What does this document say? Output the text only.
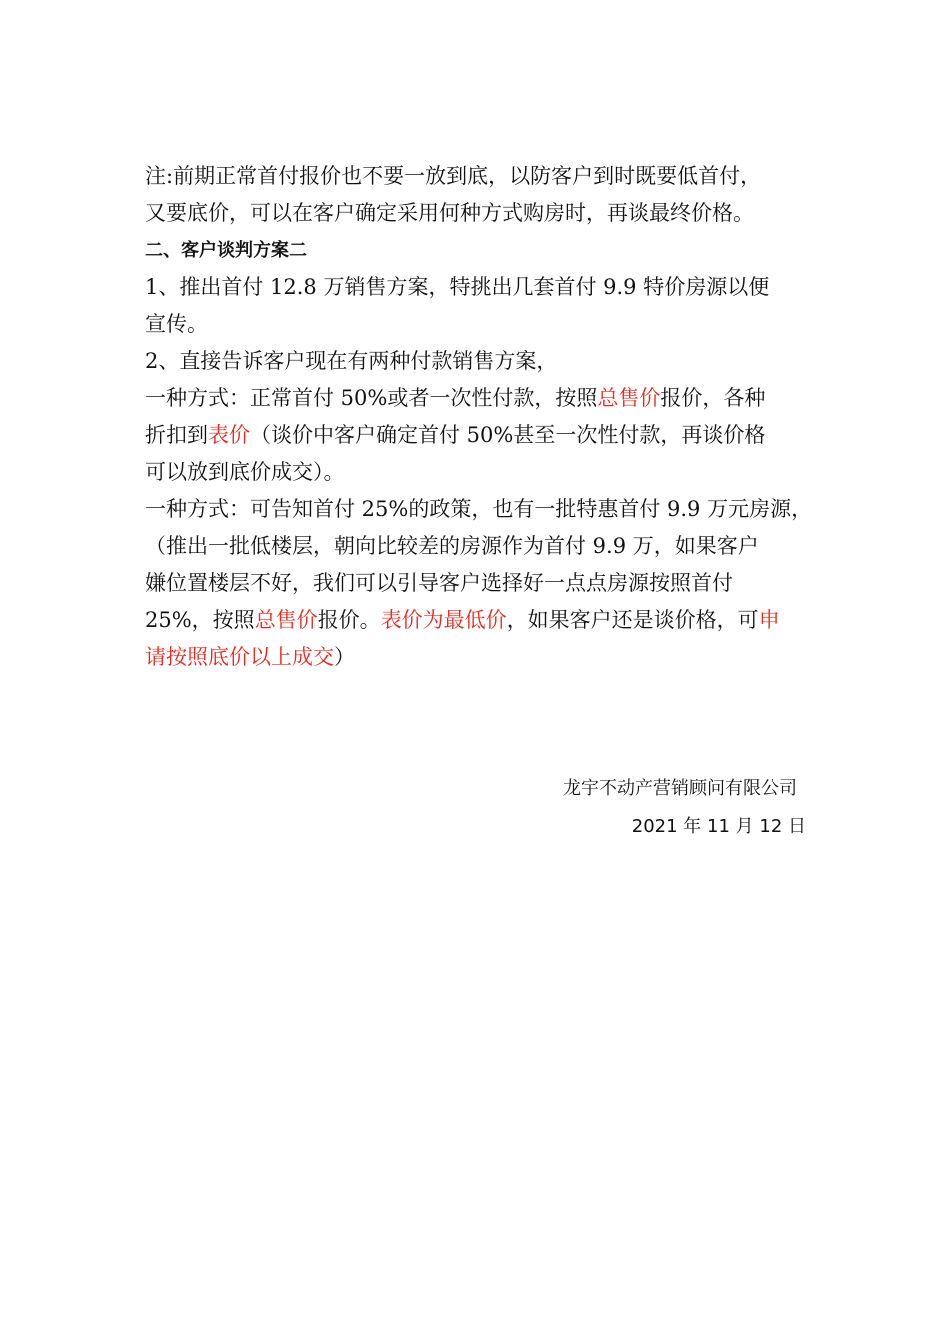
注:前期正常首付报价也不要一放到底，以防客户到时既要低首付，
又要底价，可以在客户确定采用何种方式购房时，再谈最终价格。
二、客户谈判方案二
1、推出首付 12.8 万销售方案，特挑出几套首付 9.9 特价房源以便
宣传。
2、直接告诉客户现在有两种付款销售方案，
一种方式：正常首付 50%或者一次性付款，按照总售价报价，各种
折扣到表价（谈价中客户确定首付 50%甚至一次性付款，再谈价格
可以放到底价成交）。
一种方式：可告知首付 25%的政策，也有一批特惠首付 9.9 万元房源，
（推出一批低楼层，朝向比较差的房源作为首付 9.9 万，如果客户
嫌位置楼层不好，我们可以引导客户选择好一点点房源按照首付
25%，按照总售价报价。表价为最低价，如果客户还是谈价格，可申
请按照底价以上成交）
龙宇不动产营销顾问有限公司
2021 年 11 月 12 日
